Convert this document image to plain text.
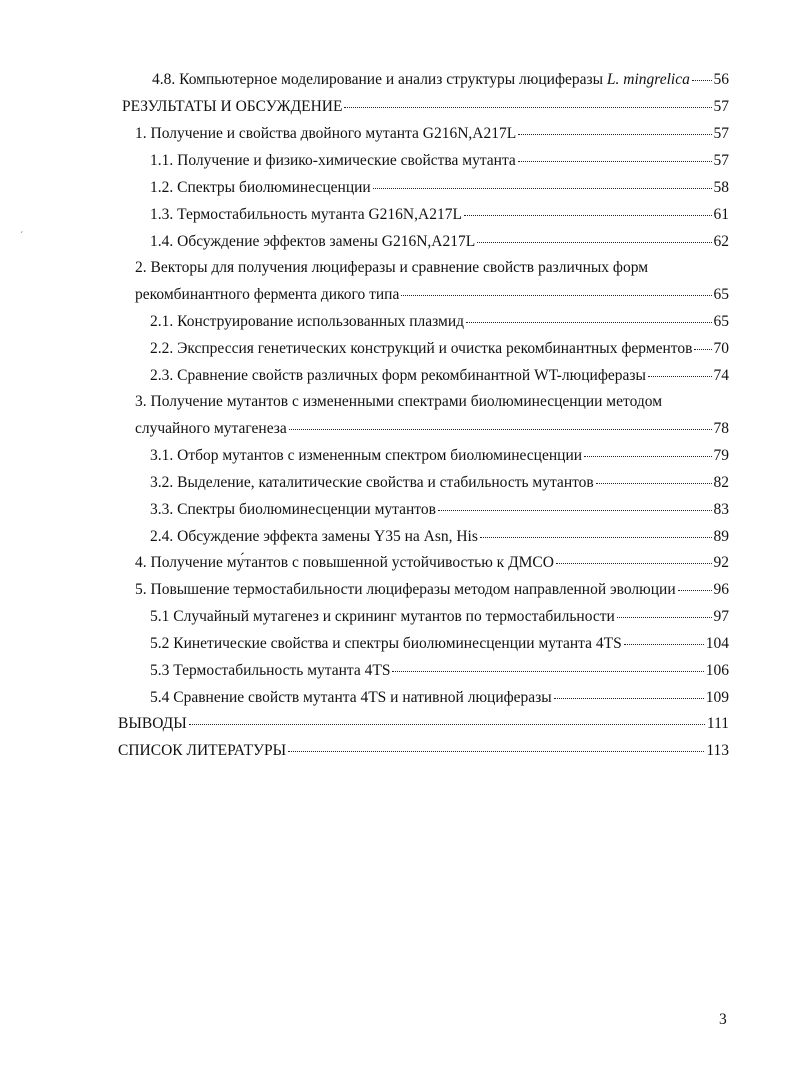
4.8. Компьютерное моделирование и анализ структуры люциферазы L. mingrelica 56
РЕЗУЛЬТАТЫ И ОБСУЖДЕНИЕ	57
1. Получение и свойства двойного мутанта G216N,A217L	57
1.1. Получение и физико-химические свойства мутанта	57
1.2. Спектры биолюминесценции	58
1.3. Термостабильность мутанта G216N,A217L	61
1.4. Обсуждение эффектов замены G216N,A217L	62
2. Векторы для получения люциферазы и сравнение свойств различных форм
рекомбинантного фермента дикого типа	65
2.1. Конструирование использованных плазмид	65
2.2. Экспрессия генетических конструкций и очистка рекомбинантных ферментов 70
2.3. Сравнение свойств различных форм рекомбинантной WT-люциферазы	74
3. Получение мутантов с измененными спектрами биолюминесценции методом
случайного мутагенеза	78
3.1. Отбор мутантов с измененным спектром биолюминесценции	79
3.2. Выделение, каталитические свойства и стабильность мутантов	82
3.3. Спектры биолюминесценции мутантов	83
2.4. Обсуждение эффекта замены Y35 на Asn, His	89
4. Получение му́тантов с повышенной устойчивостью к ДМСО	92
5. Повышение термостабильности люциферазы методом направленной эволюции 96
5.1 Случайный мутагенез и скрининг мутантов по термостабильности	97
5.2 Кинетические свойства и спектры биолюминесценции мутанта 4TS	104
5.3 Термостабильность мутанта 4TS	106
5.4 Сравнение свойств мутанта 4TS и нативной люциферазы	109
ВЫВОДЫ	111
СПИСОК ЛИТЕРАТУРЫ	113
´
3
